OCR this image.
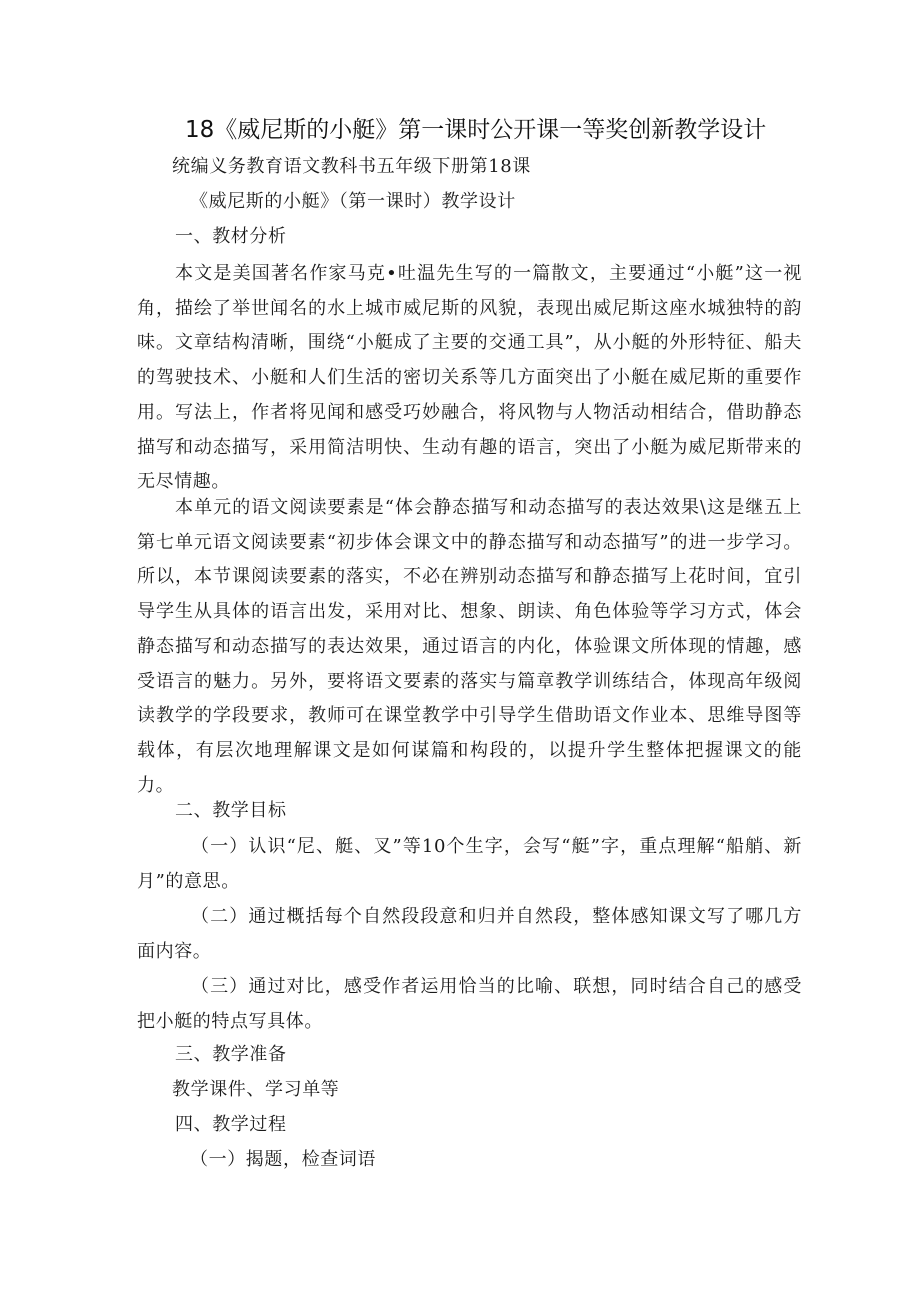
18《威尼斯的小艇》第一课时公开课一等奖创新教学设计
统编义务教育语文教科书五年级下册第18课
《威尼斯的小艇》（第一课时）教学设计
一、教材分析
本文是美国著名作家马克•吐温先生写的一篇散文，主要通过“小艇”这一视角，描绘了举世闻名的水上城市威尼斯的风貌，表现出威尼斯这座水城独特的韵味。文章结构清晰，围绕“小艇成了主要的交通工具”，从小艇的外形特征、船夫的驾驶技术、小艇和人们生活的密切关系等几方面突出了小艇在威尼斯的重要作用。写法上，作者将见闻和感受巧妙融合，将风物与人物活动相结合，借助静态描写和动态描写，采用简洁明快、生动有趣的语言，突出了小艇为威尼斯带来的无尽情趣。
本单元的语文阅读要素是“体会静态描写和动态描写的表达效果\这是继五上第七单元语文阅读要素“初步体会课文中的静态描写和动态描写”的进一步学习。所以，本节课阅读要素的落实，不必在辨别动态描写和静态描写上花时间，宜引导学生从具体的语言出发，采用对比、想象、朗读、角色体验等学习方式，体会静态描写和动态描写的表达效果，通过语言的内化，体验课文所体现的情趣，感受语言的魅力。另外，要将语文要素的落实与篇章教学训练结合，体现高年级阅读教学的学段要求，教师可在课堂教学中引导学生借助语文作业本、思维导图等载体，有层次地理解课文是如何谋篇和构段的，以提升学生整体把握课文的能力。
二、教学目标
（一）认识“尼、艇、叉”等10个生字，会写“艇”字，重点理解“船艄、新月”的意思。
（二）通过概括每个自然段段意和归并自然段，整体感知课文写了哪几方面内容。
（三）通过对比，感受作者运用恰当的比喻、联想，同时结合自己的感受把小艇的特点写具体。
三、教学准备
教学课件、学习单等
四、教学过程
（一）揭题，检查词语
